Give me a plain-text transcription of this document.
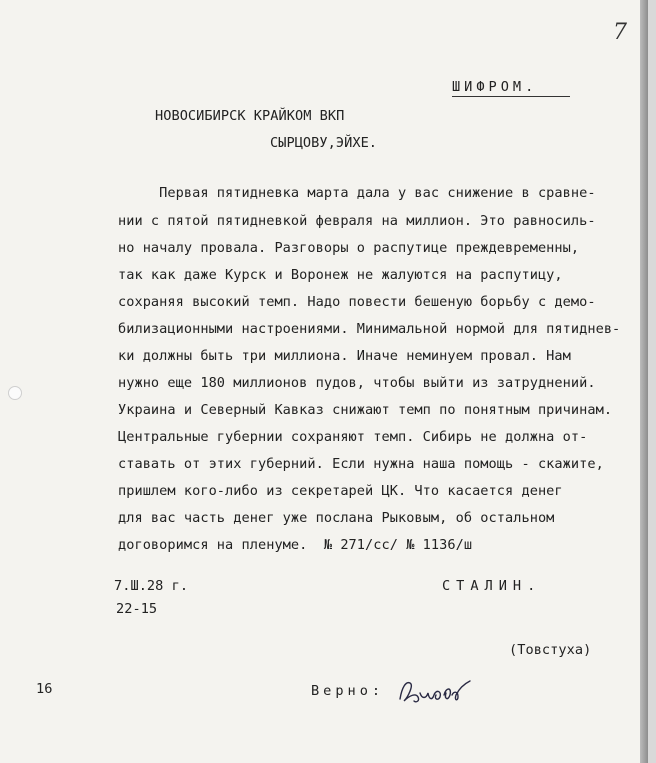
7
ШИФРОМ.
НОВОСИБИРСК КРАЙКОМ ВКП
СЫРЦОВУ,ЭЙХЕ.
Первая пятидневка марта дала у вас снижение в сравне-
нии с пятой пятидневкой февраля на миллион. Это равносиль-
но началу провала. Разговоры о распутице преждевременны,
так как даже Курск и Воронеж не жалуются на распутицу,
сохраняя высокий темп. Надо повести бешеную борьбу с демо-
билизационными настроениями. Минимальной нормой для пятиднев-
ки должны быть три миллиона. Иначе неминуем провал. Нам
нужно еще 180 миллионов пудов, чтобы выйти из затруднений.
Украина и Северный Кавказ снижают темп по понятным причинам.
Центральные губернии сохраняют темп. Сибирь не должна от-
ставать от этих губерний. Если нужна наша помощь - скажите,
пришлем кого-либо из секретарей ЦК. Что касается денег
для вас часть денег уже послана Рыковым, об остальном
договоримся на пленуме.  № 271/сс/ № 1136/ш
7.Ш.28 г.	СТАЛИН.
22-15
(Товстуха)
16	Верно:
